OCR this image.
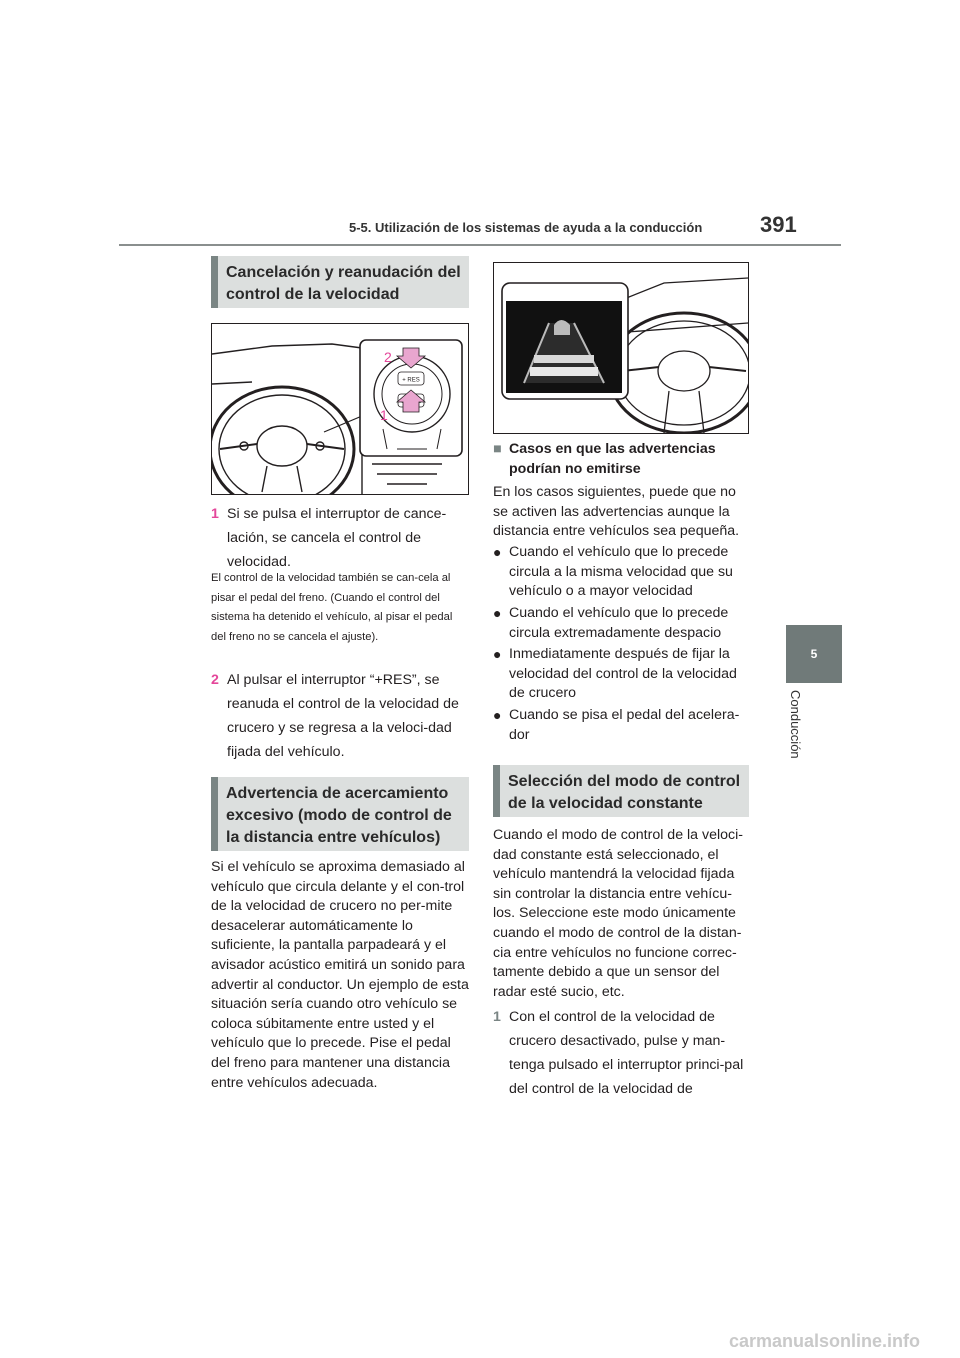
5-5. Utilización de los sistemas de ayuda a la conducción	391
5
Conducción
Cancelación y reanudación del control de la velocidad
+ RES
2
1
1 Si se pulsa el interruptor de cance-lación, se cancela el control de velocidad.
El control de la velocidad también se can-cela al pisar el pedal del freno. (Cuando el control del sistema ha detenido el vehículo, al pisar el pedal del freno no se cancela el ajuste).
2 Al pulsar el interruptor “+RES”, se reanuda el control de la velocidad de crucero y se regresa a la veloci-dad fijada del vehículo.
Advertencia de acercamiento excesivo (modo de control de la distancia entre vehículos)
Si el vehículo se aproxima demasiado al vehículo que circula delante y el con-trol de la velocidad de crucero no per-mite desacelerar automáticamente lo suficiente, la pantalla parpadeará y el avisador acústico emitirá un sonido para advertir al conductor. Un ejemplo de esta situación sería cuando otro vehículo se coloca súbitamente entre usted y el vehículo que lo precede. Pise el pedal del freno para mantener una distancia entre vehículos adecuada.
■ Casos en que las advertencias podrían no emitirse
En los casos siguientes, puede que no se activen las advertencias aunque la distancia entre vehículos sea pequeña.
● Cuando el vehículo que lo precede circula a la misma velocidad que su vehículo o a mayor velocidad
● Cuando el vehículo que lo precede circula extremadamente despacio
● Inmediatamente después de fijar la velocidad del control de la velocidad de crucero
● Cuando se pisa el pedal del acelera-dor
Selección del modo de control de la velocidad constante
Cuando el modo de control de la veloci-dad constante está seleccionado, el vehículo mantendrá la velocidad fijada sin controlar la distancia entre vehícu-los. Seleccione este modo únicamente cuando el modo de control de la distan-cia entre vehículos no funcione correc-tamente debido a que un sensor del radar esté sucio, etc.
1 Con el control de la velocidad de crucero desactivado, pulse y man-tenga pulsado el interruptor princi-pal del control de la velocidad de
carmanualsonline.info
